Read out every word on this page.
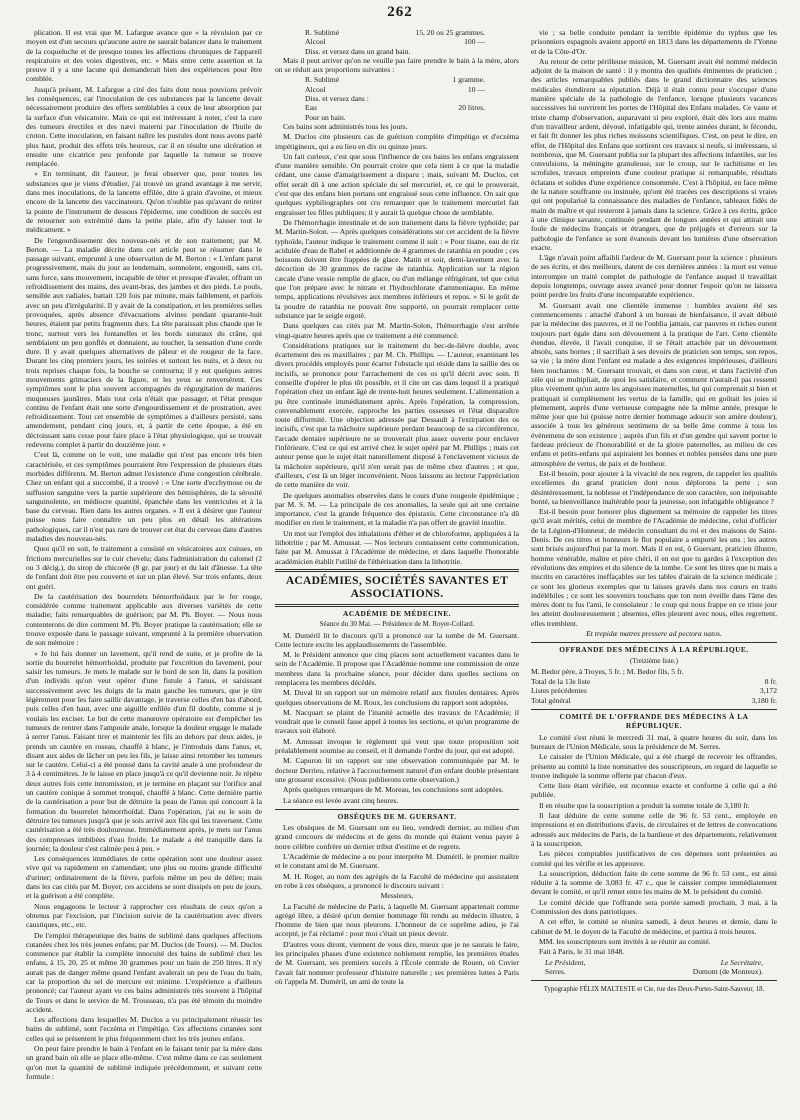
262

plication. Il est vrai que M. Lafargue avance que « la révulsion par ce moyen est d'un secours qu'aucune autre ne saurait balancer dans le traitement de la coqueluche et de presque toutes les affections chroniques de l'appareil respiratoire et des voies digestives, etc. » Mais entre cette assertion et la preuve il y a une lacune qui demanderait bien des expériences pour être comblée.

Jusqu'à présent, M. Lafargue a cité des faits dont nous pouvions prévoir les conséquences, car l'inoculation de ces substances par la lancette devait nécessairement produire des effets semblables à ceux de leur absorption par la surface d'un vésicatoire. Mais ce qui est intéressant à noter, c'est la cure des tumeurs érectiles et des nævi materni par l'inoculation de l'huile de croton. Cette inoculation, en faisant naître les pustules dont nous avons parlé plus haut, produit des effets très heureux, car il en résulte une ulcération et ensuite une cicatrice peu profonde par laquelle la tumeur se trouve remplacée.

« En terminant, dit l'auteur, je ferai observer que, pour toutes les substances que je viens d'étudier, j'ai trouvé un grand avantage à me servir, dans mes inoculations, de la lancette effilée, dite à grain d'avoine, et mieux encore de la lancette des vaccinateurs. Qu'on n'oublie pas qu'avant de retirer la pointe de l'instrument de dessous l'épiderme, une condition de succès est de retourner son extrémité dans la petite plaie, afin d'y laisser tout le médicament. »

De l'engourdissement des nouveau-nés et de son traitement; par M. Berton. — La maladie décrite dans cet article peut se résumer dans le passage suivant, emprunté à une observation de M. Berton : « L'enfant parut progressivement, mais du jour au lendemain, somnolent, engourdi, sans cri, sans force, sans mouvement, incapable de téter et presque d'avaler, offrant un refroidissement des mains, des avant-bras, des jambes et des pieds. Le pouls, sensible aux radiales, battait 120 fois par minute, mais faiblement, et parfois avec un peu d'irrégularité. Il y avait de la constipation, et les premières selles provoquées, après absence d'évacuations alvines pendant quarante-huit heures, étaient par petits fragments durs. La tête paraissait plus chaude que le tronc, surtout vers les fontanelles et les bords suturaux du crâne, qui semblaient un peu gonflés et donnaient, au toucher, la sensation d'une corde dure. Il y avait quelques alternatives de pâleur et de rougeur de la face. Durant les cinq premiers jours, les soirées et surtout les nuits, et à deux ou trois reprises chaque fois, la bouche se contourna; il y eut quelques autres mouvements grimaciers de la figure, et les yeux se renversèrent. Ces symptômes sont le plus souvent accompagnés de régurgitation de matières muqueuses jaunâtres. Mais tout cela n'était que passager, et l'état presque continu de l'enfant était une sorte d'engourdissement et de prostration, avec refroidissement. Tout cet ensemble de symptômes a d'ailleurs persisté, sans amendement, pendant cinq jours, et, à partir de cette époque, a été en décroissant sans cesse pour faire place à l'état physiologique, qui se trouvait redevenu complet à partir du douzième jour. »

C'est là, comme on le voit, une maladie qui n'est pas encore très bien caractérisée, et ces symptômes pourraient être l'expression de plusieurs états morbides différents. M. Berton admet l'existence d'une congestion cérébrale. Chez un enfant qui a succombé, il a trouvé : « Une sorte d'ecchymose ou de suffusion sanguine vers la partie supérieure des hémisphères, de la sérosité sanguinolente, en médiocre quantité, épanchée dans les ventricules et à la base du cerveau. Rien dans les autres organes. » Il est à désirer que l'auteur puisse nous faire connaître un peu plus en détail les altérations pathologiques, car il n'est pas rare de trouver cet état du cerveau dans d'autres maladies des nouveau-nés.

Quoi qu'il en soit, le traitement a consisté en vésicatoires aux cuisses, en frictions mercurielles sur le cuir chevelu; dans l'administration du calomel (2 ou 3 décig.), du sirop de chicorée (8 gr. par jour) et du lait d'ânesse. La tête de l'enfant doit être peu couverte et sur un plan élevé. Sur trois enfants, deux ont guéri.

De la cautérisation des bourrelets hémorrhoïdaux par le fer rouge, considérée comme traitement applicable aux diverses variétés de cette maladie; faits remarquables de guérison; par M. Ph. Boyer. — Nous nous contenterons de dire comment M. Ph. Boyer pratique la cautérisation; elle se trouve exposée dans le passage suivant, emprunté à la première observation de son mémoire :

« Je lui fais donner un lavement, qu'il rend de suite, et je profite de la sortie du bourrelet hémorrhoïdal, produite par l'excrétion du lavement, pour saisir les tumeurs. Je mets le malade sur le bord de son lit, dans la position d'un individu qu'on veut opérer d'une fistule à l'anus, et saisissant successivement avec les doigts de la main gauche les tumeurs, que je tire légèrement pour les faire saillir davantage, je traverse celles d'en bas d'abord, puis celles d'en haut, avec une aiguille enfilée d'un fil double, comme si je voulais les exciser. Le but de cette manœuvre opératoire est d'empêcher les tumeurs de rentrer dans l'ampoule anale, lorsque la douleur engage le malade à serrer l'anus. Faisant tirer et maintenir les fils au dehors par deux aides, je prends un cautère en roseau, chauffé à blanc, je l'introduis dans l'anus, et, disant aux aides de lâcher un peu les fils, je laisse ainsi retomber les tumeurs sur le cautère. Celui-ci a été poussé dans la cavité anale à une profondeur de 3 à 4 centimètres. Je le laisse en place jusqu'à ce qu'il devienne noir. Je répète deux autres fois cette intromission, et je termine en plaçant sur l'orifice anal un cautère conique à sommet tronqué, chauffé à blanc. Cette dernière partie de la cautérisation a pour but de détruire la peau de l'anus qui concourt à la formation du bourrelet hémorrhoïdal. Dans l'opération, j'ai eu le soin de détruire les tumeurs jusqu'à que je sois arrivé aux fils qui les traversent. Cette cautérisation a été très douloureuse. Immédiatement après, je mets sur l'anus des compresses imbibées d'eau froide. Le malade a été tranquille dans la journée; la douleur s'est calmée peu à peu. »

Les conséquences immédiates de cette opération sont une douleur assez vive qui va rapidement en s'amendant; une plus ou moins grande difficulté d'uriner; ordinairement de la fièvre, parfois même un peu de délire; mais dans les cas cités par M. Boyer, ces accidens se sont dissipés en peu de jours, et la guérison a été complète.

Nous engageons le lecteur à rapprocher ces résultats de ceux qu'on a obtenus par l'excision, par l'incision suivie de la cautérisation avec divers caustiques, etc., etc.

De l'emploi thérapeutique des bains de sublimé dans quelques affections cutanées chez les très jeunes enfans; par M. Duclos (de Tours). — M. Duclos commence par établir la complète innocuité des bains de sublimé chez les enfans, à 15, 20, 25 et même 30 grammes pour un bain de 250 litres. Il n'y aurait pas de danger même quand l'enfant avalerait un peu de l'eau du bain, car la proportion du sel de mercure est minime. L'expérience a d'ailleurs prononcé; car l'auteur ayant vu ces bains administrés très souvent à l'hôpital de Tours et dans le service de M. Trousseau, n'a pas été témoin du moindre accident.

Les affections dans lesquelles M. Duclos a vu principalement réussir les bains de sublimé, sont l'eczéma et l'impétigo. Ces affections cutanées sont celles qui se présentent le plus fréquemment chez les très jeunes enfans.

On peut faire prendre le bain à l'enfant en le faisant tenir par la mère dans un grand bain où elle se place elle-même. C'est même dans ce cas seulement qu'on met la quantité de sublimé indiquée précédemment, et suivant cette formule :

R. Sublimé	15, 20 ou 25 grammes.
Alcool	100 —
Diss. et versez dans un grand bain.

Mais il peut arriver qu'on ne veuille pas faire prendre le bain à la mère, alors on se réduit aux proportions suivantes :

R. Sublimé	1 gramme.
Alcool	10 —
Diss. et versez dans :
Eau	20 litres.
Pour un bain.

Ces bains sont administrés tous les jours.

M. Duclos cite plusieurs cas de guérison complète d'impétigo et d'eczéma impétigineux, qui a eu lieu en dix ou quinze jours.

Un fait curieux, c'est que sous l'influence de ces bains les enfans engraissent d'une manière sensible. On pourrait croire que cela tient à ce que la maladie cédant, une cause d'amaigrissement a disparu ; mais, suivant M. Duclos, cet effet serait dû à une action spéciale du sel mercuriel, et, ce qui le prouverait, c'est que des enfans bien portans ont engraissé sous cette influence. On sait que quelques syphiliographes ont cru remarquer que le traitement mercuriel fait engraisser les filles publiques; il y aurait là quelque chose de semblable.

De l'hémorrhagie intestinale et de son traitement dans la fièvre typhoïde; par M. Martin-Solon. — Après quelques considérations sur cet accident de la fièvre typhoïde, l'auteur indique le traitement comme il suit : « Pour tisane, eau de riz acidulée d'eau de Rabel et additionnée de 4 grammes de ratanhia en poudre ; ces boissons doivent être frappées de glace. Matin et soir, demi-lavement avec la décoction de 30 grammes de racine de ratanhia. Application sur la région cæcale d'une vessie remplie de glace, ou d'un mélange réfrigérant, tel que celui que l'on prépare avec le nitrate et l'hydrochlorate d'ammoniaque. En même temps, applications révulsives aux membres inférieurs et repos. » Si le goût de la poudre de ratanhia ne pouvait être supporté, on pourrait remplacer cette substance par le seigle ergoté.

Dans quelques cas cités par M. Martin-Solon, l'hémorrhagie s'est arrêtée vingt-quatre heures après que ce traitement a été commencé.

Considérations pratiques sur le traitement du bec-de-lièvre double, avec écartement des os maxillaires ; par M. Ch. Phillips. — L'auteur, examinant les divers procédés employés pour écarter l'obstacle qui réside dans la saillie des os incisifs, se prononce pour l'arrachement de ces os qu'il décrit avec soin. Il conseille d'opérer le plus tôt possible, et il cite un cas dans lequel il a pratiqué l'opération chez un enfant âgé de trente-huit heures seulement. L'alimentation a pu être continuée immédiatement après. Après l'opération, la compression, convenablement exercée, rapproche les parties osseuses et l'état disparaître toute difformité. Une objection adressée par Dessault à l'extirpation des os incisifs, c'est que la mâchoire supérieure perdant beaucoup de sa circonférence, l'arcade dentaire supérieure ne se trouverait plus assez ouverte pour enclaver l'inférieure. C'est ce qui est arrivé chez le sujet opéré par M. Phillips ; mais cet auteur pense que le sujet était naturellement disposé à l'enclavement vicieux de la mâchoire supérieure, qu'il n'en serait pas de même chez d'autres ; et que, d'ailleurs, c'est là un léger inconvénient. Nous laissons au lecteur l'appréciation de cette manière de voir.

De quelques anomalies observées dans le cours d'une rougeole épidémique ; par M. S. M. — La principale de ces anomalies, la seule qui ait une certaine importance, c'est la grande fréquence des épistaxis. Cette circonstance n'a dû modifier en rien le traitement, et la maladie n'a pas offert de gravité insolite.

Un mot sur l'emploi des inhalations d'éther et de chloroforme, appliquées à la lithotritie ; par M. Amussat. — Nos lecteurs connaissent cette communication, faite par M. Amussat à l'Académie de médecine, et dans laquelle l'honorable académicien établit l'utilité de l'éthérisation dans la lithotritie.

ACADÉMIES, SOCIÉTÉS SAVANTES ET ASSOCIATIONS.
ACADÉMIE DE MÉDECINE.

Séance du 30 Mai. — Présidence de M. Royer-Collard.

M. Duméril lit le discours qu'il a prononcé sur la tombe de M. Guersant. Cette lecture excite les applaudissements de l'assemblée.

M. le Président annonce que cinq places sont actuellement vacantes dans le sein de l'Académie. Il propose que l'Académie nomme une commission de onze membres dans la prochaine séance, pour décider dans quelles sections on remplacera les membres décédés.

M. Duval lit un rapport sur un mémoire relatif aux fistules dentaires. Après quelques observations de M. Roux, les conclusions du rapport sont adoptées.

M. Nacquart se plaint de l'inanité actuelle des travaux de l'Académie; il voudrait que le conseil fasse appel à toutes les sections, et qu'un programme de travaux soit élaboré.

M. Amussat invoque le règlement qui veut que toute proposition soit préalablement soumise au conseil, et il demande l'ordre du jour, qui est adopté.

M. Capuron lit un rapport sur une observation communiquée par M. le docteur Derrieu, relative à l'accouchement naturel d'un enfant double présentant une grosseur excessive. (Nous publierons cette observation.)

Après quelques remarques de M. Moreau, les conclusions sont adoptées.

La séance est levée avant cinq heures.

OBSÈQUES DE M. GUERSANT.

Les obsèques de M. Guersant ont eu lieu, vendredi dernier, au milieu d'un grand concours de médecins et de gens du monde qui étaient venus payer à notre célèbre confrère un dernier tribut d'estime et de regrets.

L'Académie de médecine a eu pour interprète M. Duméril, le premier maître et le constant ami de M. Guersant.

M. H. Roger, au nom des agrégés de la Faculté de médecine qui assistaient en robe à ces obsèques, a prononcé le discours suivant :

Messieurs,

La Faculté de médecine de Paris, à laquelle M. Guersant appartenait comme agrégé libre, a désiré qu'un dernier hommage fût rendu au médecin illustre, à l'homme de bien que nous pleurons. L'honneur de ce suprême adieu, je l'ai accepté, je l'ai réclamé : pour moi c'était un pieux devoir.

D'autres vous diront, viennent de vous dire, mieux que je ne saurais le faire, les principales phases d'une existence noblement remplie, les premières études de M. Guersant, ses premiers succès à l'École centrale de Rouen, où Cuvier l'avait fait nommer professeur d'histoire naturelle ; ses premières luttes à Paris où l'appela M. Duméril, un ami de toute la

vie ; sa belle conduite pendant la terrible épidémie du typhus que les prisonniers espagnols avaient apporté en 1813 dans les départements de l'Yonne et de la Côte-d'Or.

Au retour de cette périlleuse mission, M. Guersant avait été nommé médecin adjoint de la maison de santé : il y montra des qualités éminentes de praticien ; des articles remarquables publiés dans le grand dictionnaire des sciences médicales étendirent sa réputation. Déjà il était connu pour s'occuper d'une manière spéciale de la pathologie de l'enfance, lorsque plusieurs vacances successives lui ouvrirent les portes de l'Hôpital des Enfans malades. Ce vaste et triste champ d'observation, auparavant si peu exploré, était dès lors aux mains d'un travailleur ardent, dévoué, infatigable qui, trente années durant, le fécondu, et fait fit donner les plus riches moissons scientifiques. C'est, on peut le dire, en effet, de l'Hôpital des Enfans que sortirent ces travaux si neufs, si intéressans, si nombreux, que M. Guersant publia sur la plupart des affections infantiles, sur les convulsions, la méningite granuleuse, sur le croup, sur le rachitisme et les scrofules, travaux empreints d'une couleur pratique si remarquable, résultats éclatans et solides d'une expérience consommée. C'est à l'hôpital, en face même de la nature souffrante ou insinuée, qu'ont été tracées ces descriptions si vraies qui ont popularisé la connaissance des maladies de l'enfance, tableaux fidès de main de maître et qui resteront à jamais dans la science. Grâce à ces écrits, grâce à une clinique savante, continuée pendant de longues années et qui attirait une foule de médecins français et étrangers, que de préjugés et d'erreurs sur la pathologie de l'enfance se sont évanouis devant les lumières d'une observation exacte.

L'âge n'avait point affaibli l'ardeur de M. Guersant pour la science : plusieurs de ses écrits, et des meilleurs, datent de ces dernières années : la mort est venue interrompre un traité complet de pathologie de l'enfance auquel il travaillait depuis longtemps, ouvrage assez avancé pour donner l'espoir qu'on ne laissera point perdre les fruits d'une incomparable expérience.

M. Guersant avait une clientèle immense : humbles avaient été ses commencements : attaché d'abord à un bureau de bienfaisance, il avait débuté par la médecine des pauvres, et il ne l'oublia jamais, car pauvres et riches eurent toujours part égale dans son dévouement à la pratique de l'art. Cette clientèle étendue, élevée, il l'avait conquise, il se l'était attachée par un dévouement absolu, sans bornes ; il sacrifiait à ses devoirs de praticien son temps, son repos, sa vie ; la mère dont l'enfant est malade a des exigences impérieuses, d'ailleurs bien touchantes : M. Guersant trouvait, et dans son cœur, et dans l'activité d'un zèle qui se multipliait, de quoi les satisfaire, et comment n'aurait-il pas ressenti plus vivement qu'un autre les angoisses maternelles, lui qui comprenait si bien et pratiquait si complètement les vertus de la famille, qui en goûtait les joies si pleinement, auprès d'une vertueuse compagne née la même année, presque le même jour que lui (puisse notre dernier hommage adoucir son amère douleur), associée à tous les généreux sentimens de sa belle âme comme à tous les événemens de son existence ; auprès d'un fils et d'un gendre qui savent porter le fardeau précieux de l'honorabilité et de la gloire paternelles, au milieu de ces enfans et petits-enfans qui aspiraient les bonnes et nobles pensées dans une pure atmosphère de vertus, de paix et de bonheur.

Est-il besoin, pour ajouter à la vivacité de nos regrets, de rappeler les qualités excellentes du grand praticien dont nous déplorons la perte ; son désintéressement, la noblesse et l'indépendance de son caractère, son inépuisable bonté, sa bienveillance inaltérable pour la jeunesse, son infatigable obligeance ?

Est-il besoin pour honorer plus dignement sa mémoire de rappeler les titres qu'il avait mérités, celui de membre de l'Académie de médecine, celui d'officier de la Légion-d'Honneur, de médecin consultant du roi et des maisons de Saint-Denis. De ces titres et honneurs le flot populaire a emporté les uns ; les autres sont brisés aujourd'hui par la mort. Mais il en est, ô Guersant, praticien illustre, homme vénérable, maître et père chéri, il en est que tu gardes à l'exception des révolutions des empires et du silence de la tombe. Ce sont les titres que tu mais a inscrits en caractères ineffaçables sur les tables d'airain de la science médicale ; ce sont les glorieux exemples que tu laisses gravés dans nos cœurs en traits indélébiles ; ce sont les souvenirs touchans que ton nom éveille dans l'âme des mères dont tu fus l'ami, le consolateur : le coup qui nous frappe en ce triste jour les atteint douloureusement ; absentes, elles pleurent avec nous, elles regrettent, elles tremblent.

Et trepidæ matres pressere ad pectora natos.

OFFRANDE DES MÉDECINS À LA RÉPUBLIQUE.

(Treizième liste.)

M. Bedor père, à Troyes, 5 fr. ; M. Bedor fils, 5 fr.

Total de la 13e liste	8 fr.
Listes précédentes	3,172
Total général	3,180 fr.
COMITÉ DE L'OFFRANDE DES MÉDECINS À LA RÉPUBLIQUE.

Le comité s'est réuni le mercredi 31 mai, à quatre heures du soir, dans les bureaux de l'Union Médicale, sous la présidence de M. Serres.

Le caissier de l'Union Médicale, qui a été chargé de recevoir les offrandes, présente au comité la liste nominative des souscripteurs, en regard de laquelle se trouve indiquée la somme offerte par chacun d'eux.

Cette liste étant vérifiée, est reconnue exacte et conforme à celle qui a été publiée.

Il en résulte que la souscription a produit la somme totale de 3,180 fr.

Il faut déduire de cette somme celle de 96 fr. 53 cent., employée en impressions et en distributions d'avis, de circulaires et de lettres de convocations adressés aux médecins de Paris, de la banlieue et des départements, relativement à la souscription.

Les pièces comptables justificatives de ces dépenses sont présentées au comité qui les vérifie et les approuve.

La souscription, déduction faite de cette somme de 96 fr. 53 cent., est ainsi réduite à la somme de 3,083 fr. 47 c., que le caissier compte immédiatement devant le comité, et qu'il remet entre les mains de M. le président du comité.

Le comité décide que l'offrande sera portée samedi prochain, 3 mai, à la Commission des dons patriotiques.

A cet effet, le comité se réunira samedi, à deux heures et demie, dans le cabinet de M. le doyen de la Faculté de médecine, et partira à trois heures.

MM. les souscripteurs sont invités à se réunir au comité.

Fait à Paris, le 31 mai 1848.

Le Président,	Le Secrétaire,
Serres.	Dumont (de Monteux).

Typographie FÉLIX MALTESTE et Cie, rue des Deux-Portes-Saint-Sauveur, 18.
